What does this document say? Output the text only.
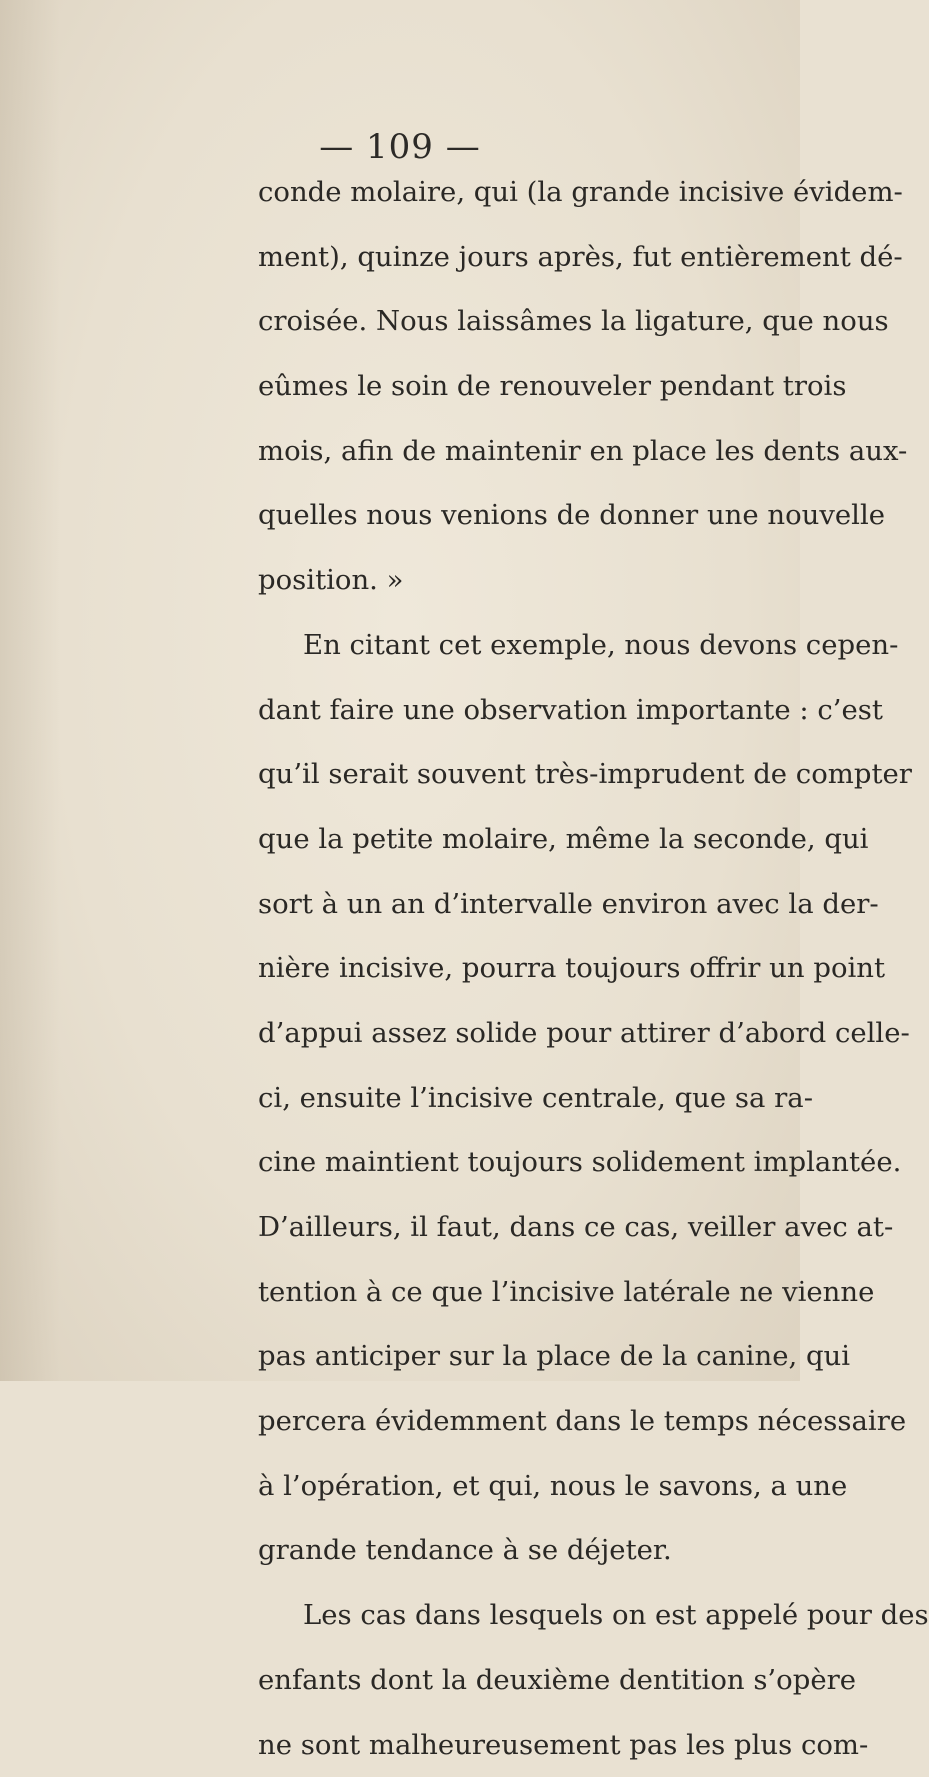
— 109 —
conde molaire, qui (la grande incisive évidem-
ment), quinze jours après, fut entièrement dé-
croisée. Nous laissâmes la ligature, que nous
eûmes le soin de renouveler pendant trois
mois, afin de maintenir en place les dents aux-
quelles nous venions de donner une nouvelle
position. »
En citant cet exemple, nous devons cepen-
dant faire une observation importante : c’est
qu’il serait souvent très-imprudent de compter
que la petite molaire, même la seconde, qui
sort à un an d’intervalle environ avec la der-
nière incisive, pourra toujours offrir un point
d’appui assez solide pour attirer d’abord celle-
ci, ensuite l’incisive centrale, que sa ra-
cine maintient toujours solidement implantée.
D’ailleurs, il faut, dans ce cas, veiller avec at-
tention à ce que l’incisive latérale ne vienne
pas anticiper sur la place de la canine, qui
percera évidemment dans le temps nécessaire
à l’opération, et qui, nous le savons, a une
grande tendance à se déjeter.
Les cas dans lesquels on est appelé pour des
enfants dont la deuxième dentition s’opère
ne sont malheureusement pas les plus com-
